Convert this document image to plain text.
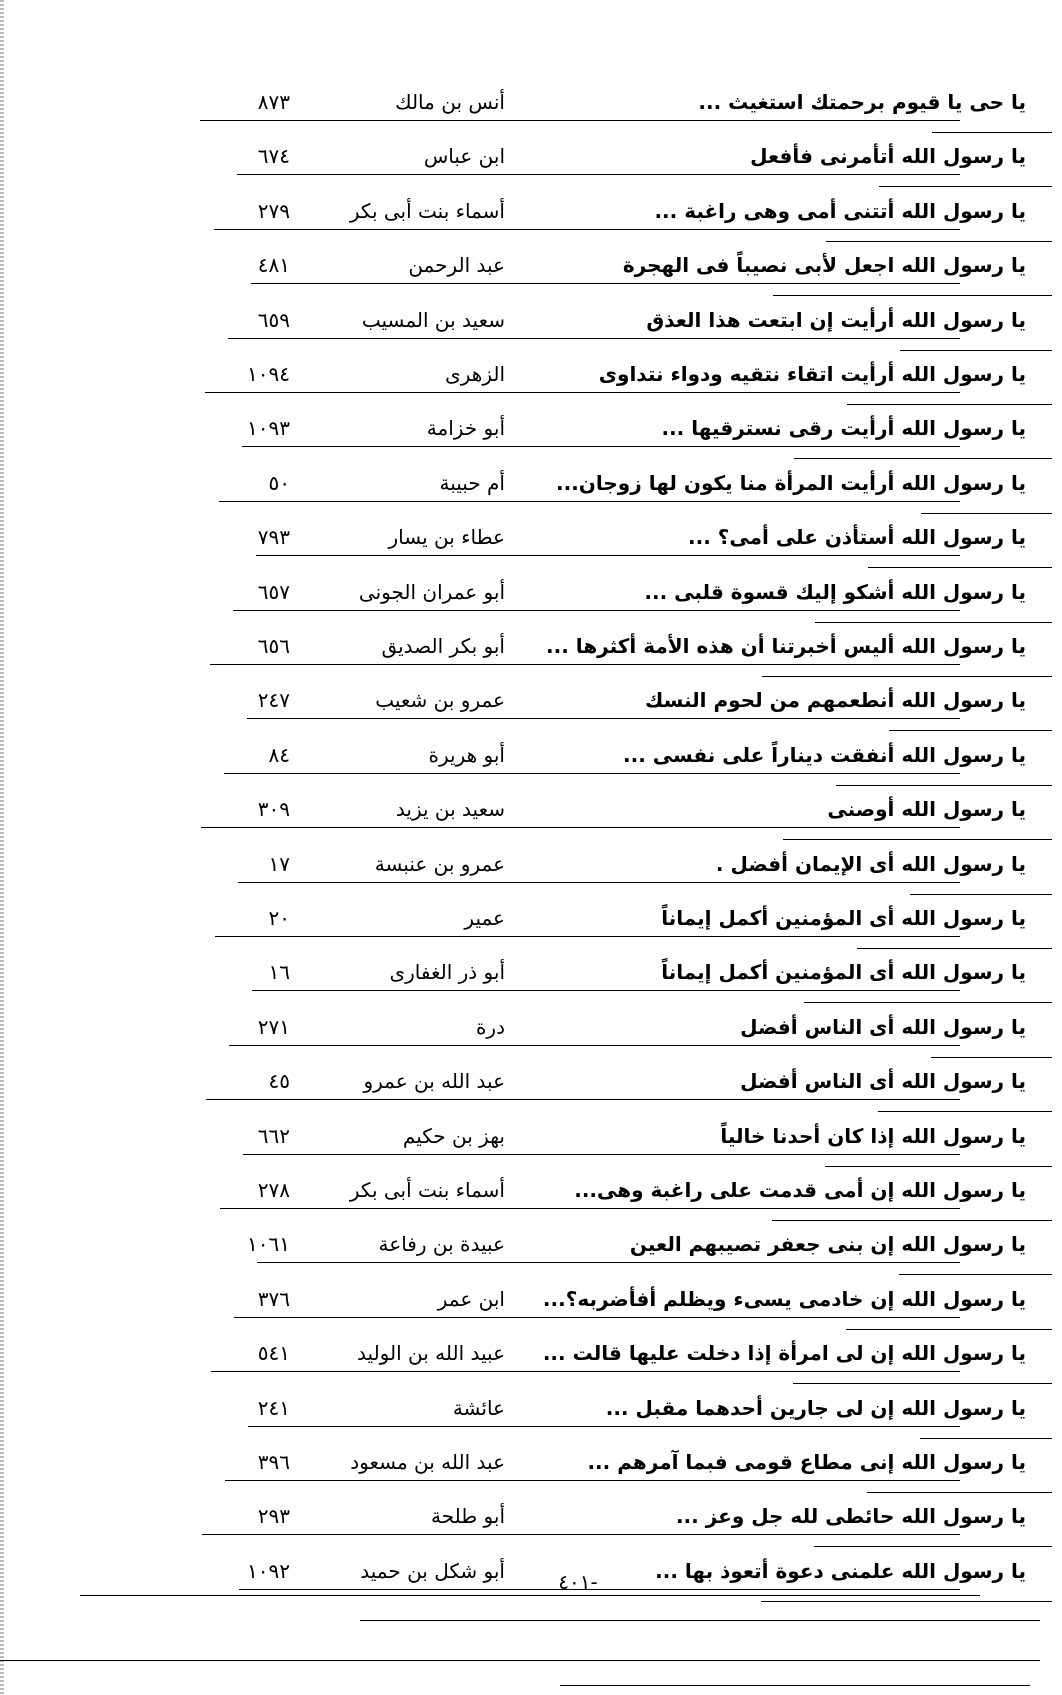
يا حى يا قيوم برحمتك استغيث ...
أنس بن مالك
٨٧٣
يا رسول الله أتأمرنى فأفعل
ابن عباس
٦٧٤
يا رسول الله أتتنى أمى وهى راغبة ...
أسماء بنت أبى بكر
٢٧٩
يا رسول الله اجعل لأبى نصيباً فى الهجرة
عبد الرحمن
٤٨١
يا رسول الله أرأيت إن ابتعت هذا العذق
سعيد بن المسيب
٦٥٩
يا رسول الله أرأيت اتقاء نتقيه ودواء نتداوى
الزهرى
١٠٩٤
يا رسول الله أرأيت رقى نسترقيها ...
أبو خزامة
١٠٩٣
يا رسول الله أرأيت المرأة منا يكون لها زوجان...
أم حبيبة
٥٠
يا رسول الله أستأذن على أمى؟ ...
عطاء بن يسار
٧٩٣
يا رسول الله أشكو إليك قسوة قلبى ...
أبو عمران الجونى
٦٥٧
يا رسول الله أليس أخبرتنا أن هذه الأمة أكثرها ...
أبو بكر الصديق
٦٥٦
يا رسول الله أنطعمهم من لحوم النسك
عمرو بن شعيب
٢٤٧
يا رسول الله أنفقت ديناراً على نفسى ...
أبو هريرة
٨٤
يا رسول الله أوصنى
سعيد بن يزيد
٣٠٩
يا رسول الله أى الإيمان أفضل .
عمرو بن عنبسة
١٧
يا رسول الله أى المؤمنين أكمل إيماناً
عمير
٢٠
يا رسول الله أى المؤمنين أكمل إيماناً
أبو ذر الغفارى
١٦
يا رسول الله أى الناس أفضل
درة
٢٧١
يا رسول الله أى الناس أفضل
عبد الله بن عمرو
٤٥
يا رسول الله إذا كان أحدنا خالياً
بهز بن حكيم
٦٦٢
يا رسول الله إن أمى قدمت على راغبة وهى...
أسماء بنت أبى بكر
٢٧٨
يا رسول الله إن بنى جعفر تصيبهم العين
عبيدة بن رفاعة
١٠٦١
يا رسول الله إن خادمى يسىء ويظلم أفأضربه؟...
ابن عمر
٣٧٦
يا رسول الله إن لى امرأة إذا دخلت عليها قالت ...
عبيد الله بن الوليد
٥٤١
يا رسول الله إن لى جارين أحدهما مقبل ...
عائشة
٢٤١
يا رسول الله إنى مطاع قومى فبما آمرهم ...
عبد الله بن مسعود
٣٩٦
يا رسول الله حائطى لله جل وعز ...
أبو طلحة
٢٩٣
يا رسول الله علمنى دعوة أتعوذ بها ...
أبو شكل بن حميد
١٠٩٢	-٤٠١
